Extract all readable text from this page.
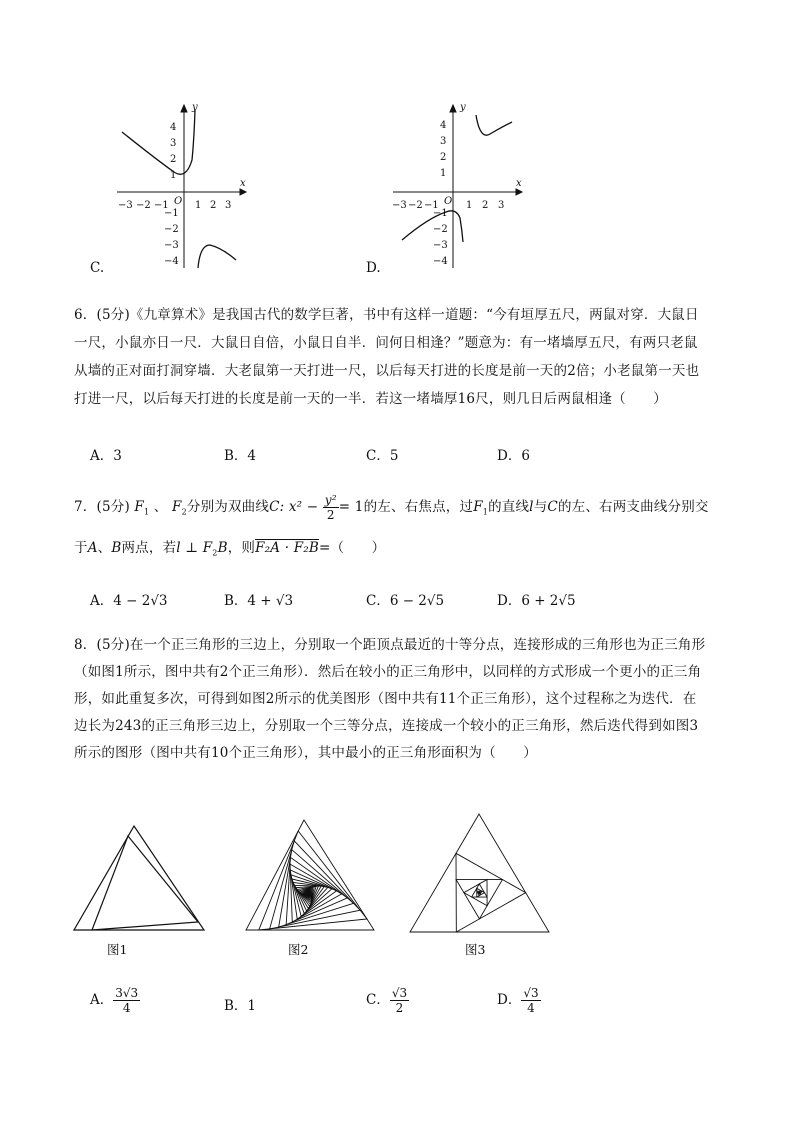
y
x
O
−3 −2 −1	1 2 3
4
3
2
1
−1
−2
−3
−4
C.
y
x
O
−3 −2 −1	1 2 3
4
3
2
1
−1
−2
−3
−4
D.
6．(5分)《九章算术》是我国古代的数学巨著，书中有这样一道题：“今有垣厚五尺，两鼠对穿．大鼠日
一尺，小鼠亦日一尺．大鼠日自倍，小鼠日自半．问何日相逢？”题意为：有一堵墙厚五尺，有两只老鼠
从墙的正对面打洞穿墙．大老鼠第一天打进一尺，以后每天打进的长度是前一天的2倍；小老鼠第一天也
打进一尺，以后每天打进的长度是前一天的一半．若这一堵墙厚16尺，则几日后两鼠相逢（　　）
A．3	B．4	C．5	D．6
7．(5分) $F_1$ 、 $F_2$分别为双曲线C: $x^2 - \frac{\text{y²}}{2} = 1$的左、右焦点，过$F_1$的直线l与C的左、右两支曲线分别交
于A、B两点，若l ⊥ $F_2B$，则F₂A · F₂B=（　　）
A．4 − 2√3	B．4 + √3	C．6 − 2√5	D．6 + 2√5
8．(5分)在一个正三角形的三边上，分别取一个距顶点最近的十等分点，连接形成的三角形也为正三角形
（如图1所示，图中共有2个正三角形）．然后在较小的正三角形中，以同样的方式形成一个更小的正三角
形，如此重复多次，可得到如图2所示的优美图形（图中共有11个正三角形），这个过程称之为迭代．在
边长为243的正三角形三边上，分别取一个三等分点，连接成一个较小的正三角形，然后迭代得到如图3
所示的图形（图中共有10个正三角形），其中最小的正三角形面积为（　　）
图1	图2	图3
A． $\frac{3√3}{4}$	B．1	C． $\frac{√3}{2}$	D． $\frac{√3}{4}$
